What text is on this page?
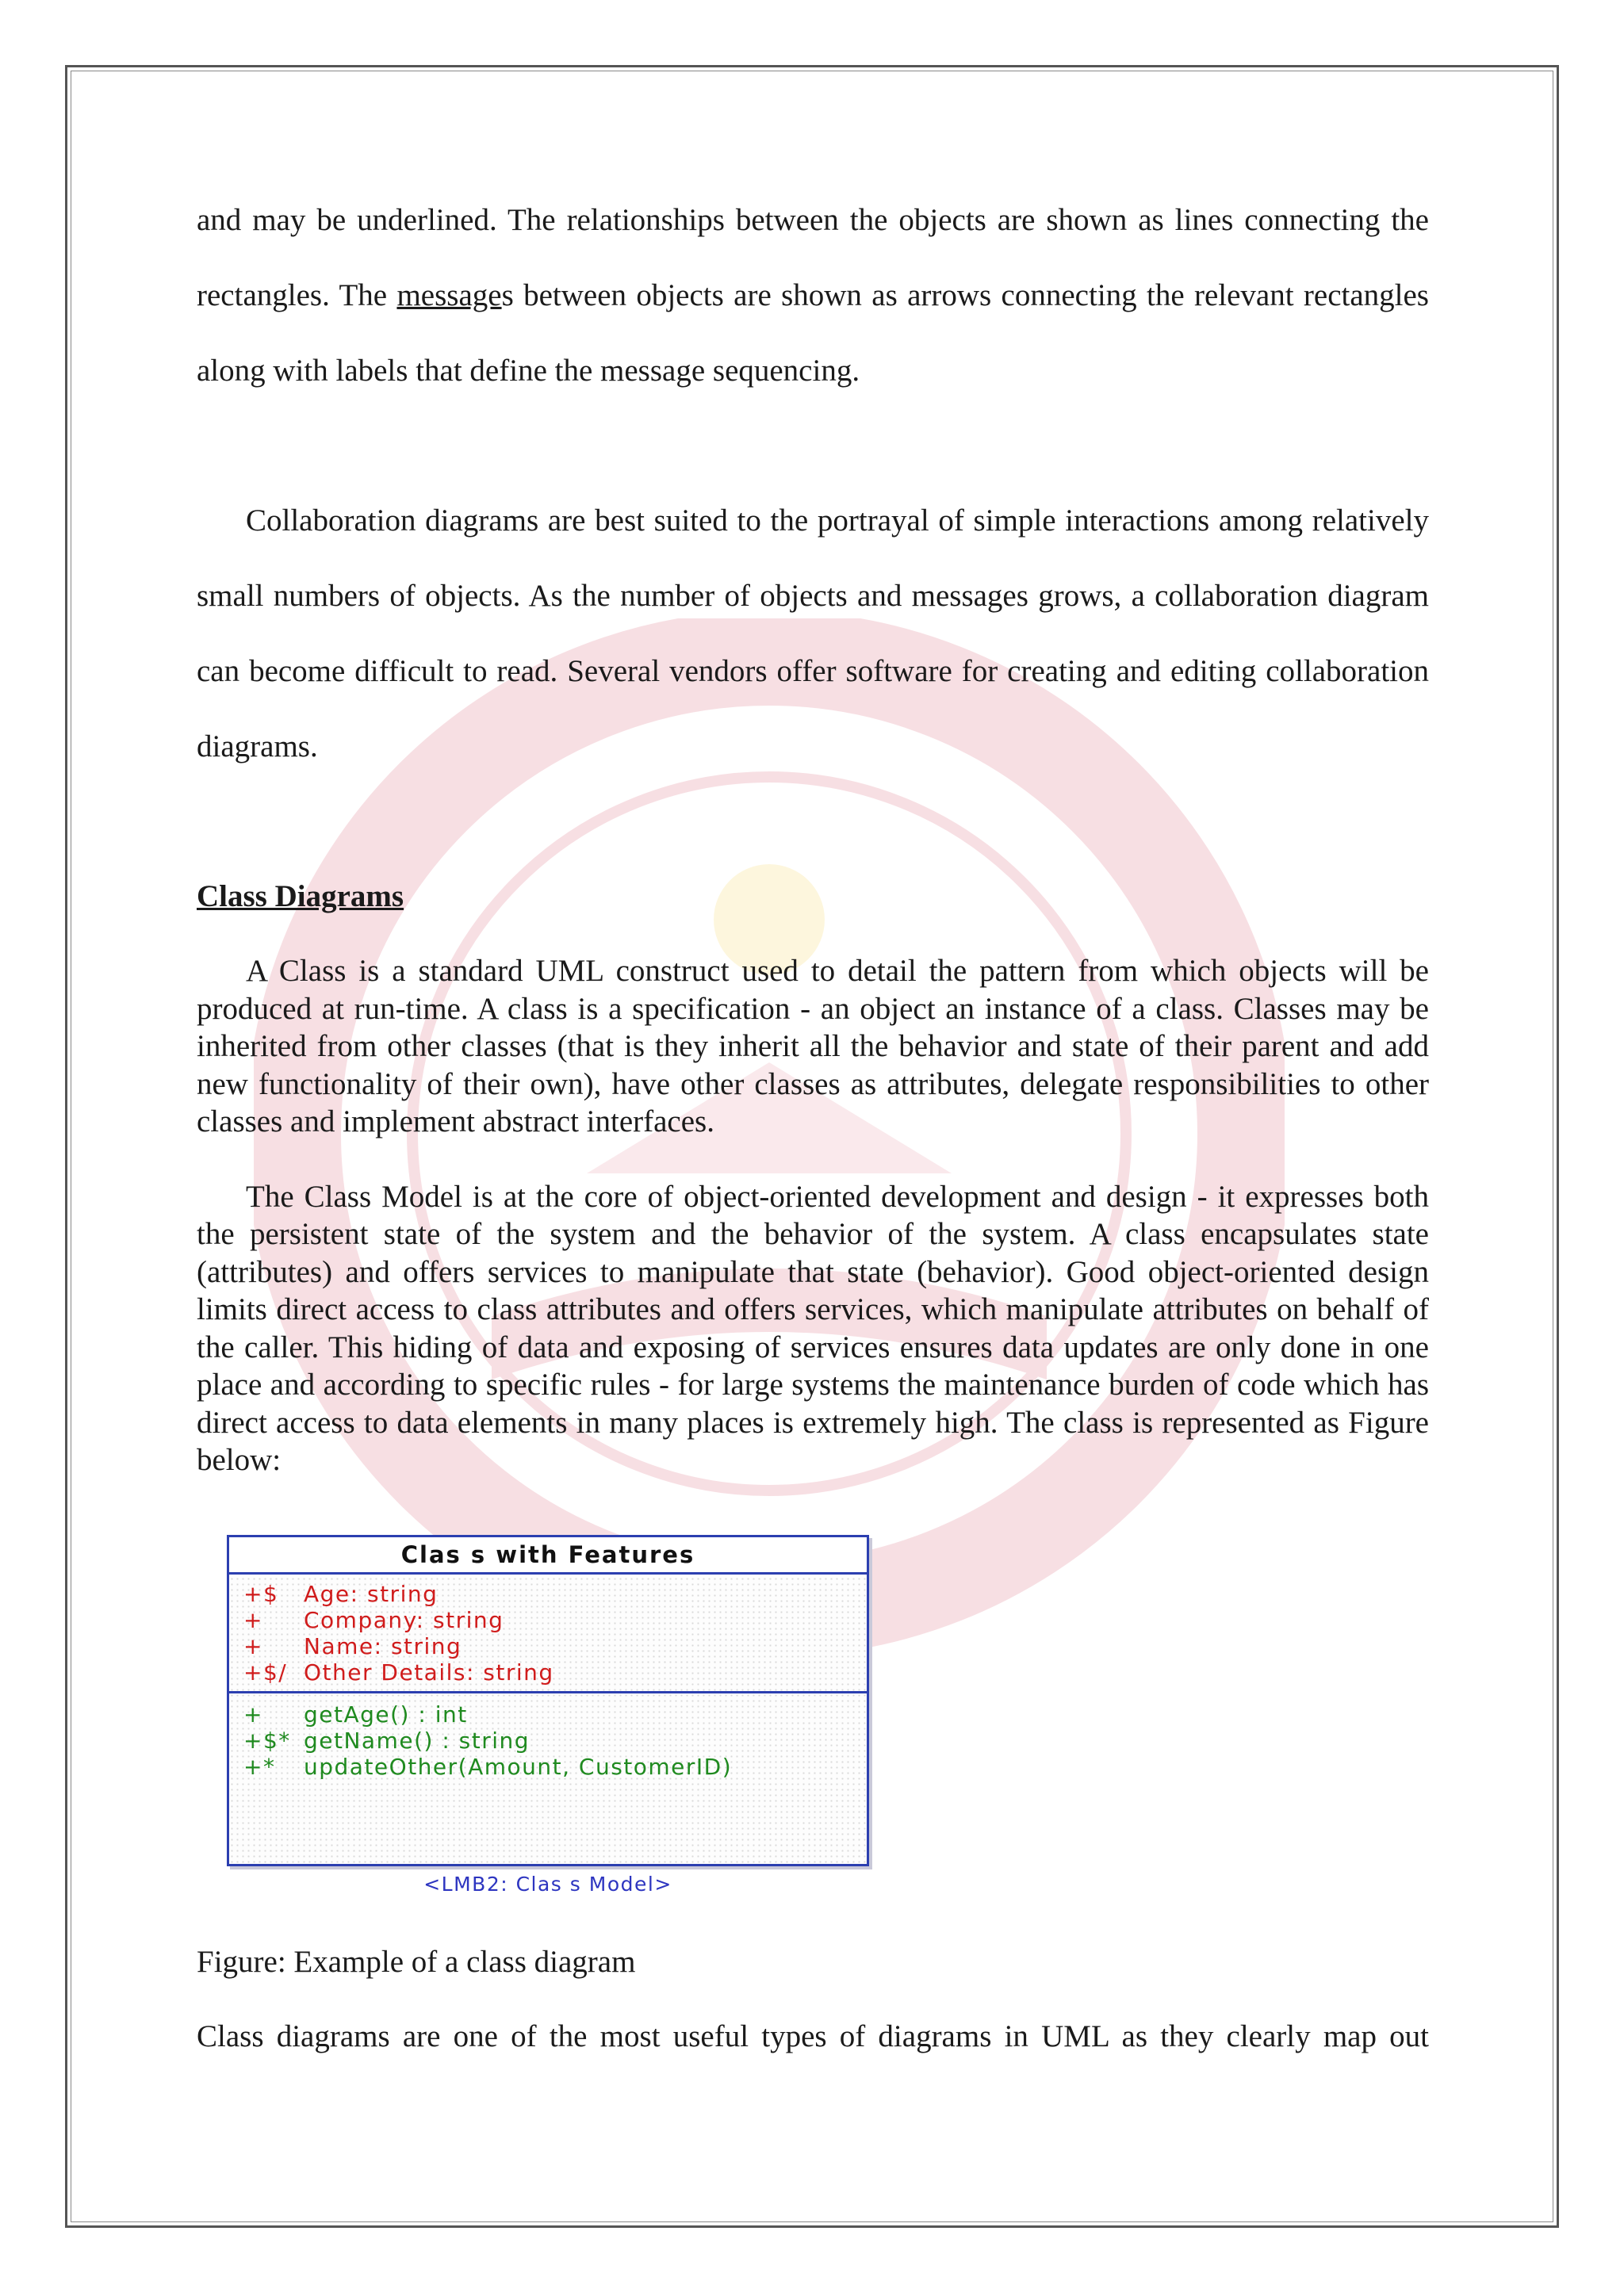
and may be underlined. The relationships between the objects are shown as lines connecting the rectangles. The messages between objects are shown as arrows connecting the relevant rectangles along with labels that define the message sequencing.

Collaboration diagrams are best suited to the portrayal of simple interactions among relatively small numbers of objects. As the number of objects and messages grows, a collaboration diagram can become difficult to read. Several vendors offer software for creating and editing collaboration diagrams.

Class Diagrams

A Class is a standard UML construct used to detail the pattern from which objects will be produced at run-time. A class is a specification - an object an instance of a class. Classes may be inherited from other classes (that is they inherit all the behavior and state of their parent and add new functionality of their own), have other classes as attributes, delegate responsibilities to other classes and implement abstract interfaces.

The Class Model is at the core of object-oriented development and design - it expresses both the persistent state of the system and the behavior of the system. A class encapsulates state (attributes) and offers services to manipulate that state (behavior). Good object-oriented design limits direct access to class attributes and offers services, which manipulate attributes on behalf of the caller. This hiding of data and exposing of services ensures data updates are only done in one place and according to specific rules - for large systems the maintenance burden of code which has direct access to data elements in many places is extremely high. The class is represented as Figure below:

Clas s with Features
+$	Age: string
+	Company: string
+	Name: string
+$/ Other Details: string
+	getAge() : int
+$* getName() : string
+*	updateOther(Amount, CustomerID)
<LMB2: Clas s Model>

Figure: Example of a class diagram

Class diagrams are one of the most useful types of diagrams in UML as they clearly map out
